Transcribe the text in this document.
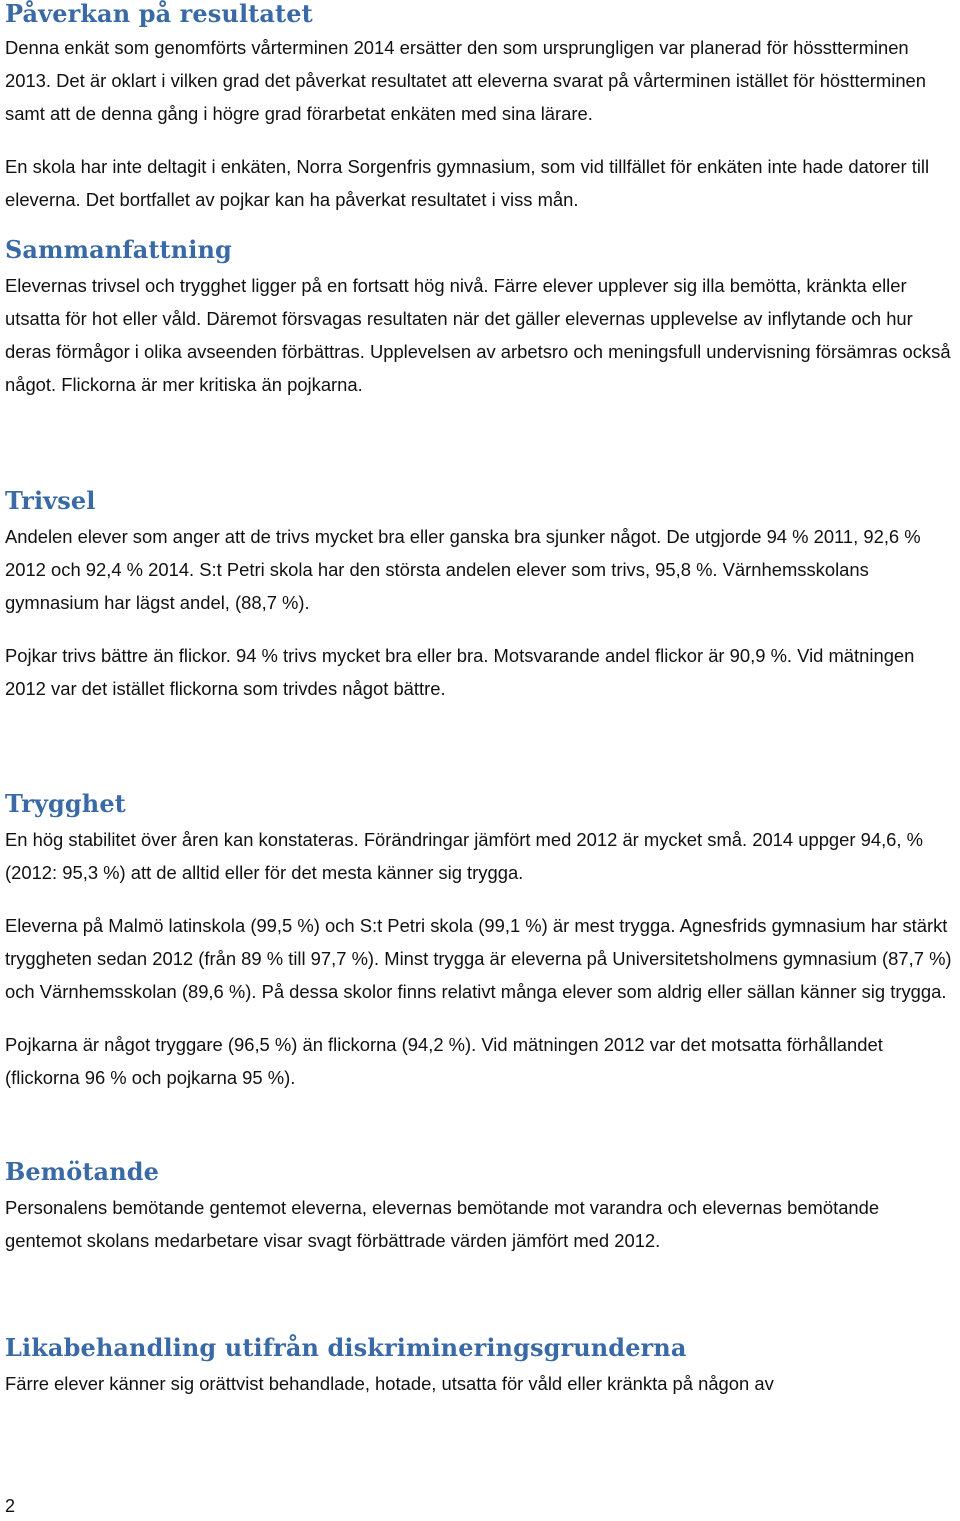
Påverkan på resultatet

Denna enkät som genomförts vårterminen 2014 ersätter den som ursprungligen var planerad för hösstterminen 2013. Det är oklart i vilken grad det påverkat resultatet att eleverna svarat på vårterminen istället för höstterminen samt att de denna gång i högre grad förarbetat enkäten med sina lärare.

En skola har inte deltagit i enkäten, Norra Sorgenfris gymnasium, som vid tillfället för enkäten inte hade datorer till eleverna. Det bortfallet av pojkar kan ha påverkat resultatet i viss mån.

Sammanfattning

Elevernas trivsel och trygghet ligger på en fortsatt hög nivå. Färre elever upplever sig illa bemötta, kränkta eller utsatta för hot eller våld. Däremot försvagas resultaten när det gäller elevernas upplevelse av inflytande och hur deras förmågor i olika avseenden förbättras. Upplevelsen av arbetsro och meningsfull undervisning försämras också något. Flickorna är mer kritiska än pojkarna.

Trivsel

Andelen elever som anger att de trivs mycket bra eller ganska bra sjunker något. De utgjorde 94 % 2011, 92,6 % 2012 och 92,4 % 2014. S:t Petri skola har den största andelen elever som trivs, 95,8 %. Värnhemsskolans gymnasium har lägst andel, (88,7 %).

Pojkar trivs bättre än flickor. 94 % trivs mycket bra eller bra. Motsvarande andel flickor är 90,9 %. Vid mätningen 2012 var det istället flickorna som trivdes något bättre.

Trygghet

En hög stabilitet över åren kan konstateras. Förändringar jämfört med 2012 är mycket små. 2014 uppger 94,6, % (2012: 95,3 %) att de alltid eller för det mesta känner sig trygga.

Eleverna på Malmö latinskola (99,5 %) och S:t Petri skola (99,1 %) är mest trygga. Agnesfrids gymnasium har stärkt tryggheten sedan 2012 (från 89 % till 97,7 %). Minst trygga är eleverna på Universitetsholmens gymnasium (87,7 %) och Värnhemsskolan (89,6 %). På dessa skolor finns relativt många elever som aldrig eller sällan känner sig trygga.

Pojkarna är något tryggare (96,5 %) än flickorna (94,2 %). Vid mätningen 2012 var det motsatta förhållandet (flickorna 96 % och pojkarna 95 %).

Bemötande

Personalens bemötande gentemot eleverna, elevernas bemötande mot varandra och elevernas bemötande gentemot skolans medarbetare visar svagt förbättrade värden jämfört med 2012.

Likabehandling utifrån diskrimineringsgrunderna

Färre elever känner sig orättvist behandlade, hotade, utsatta för våld eller kränkta på någon av

2
